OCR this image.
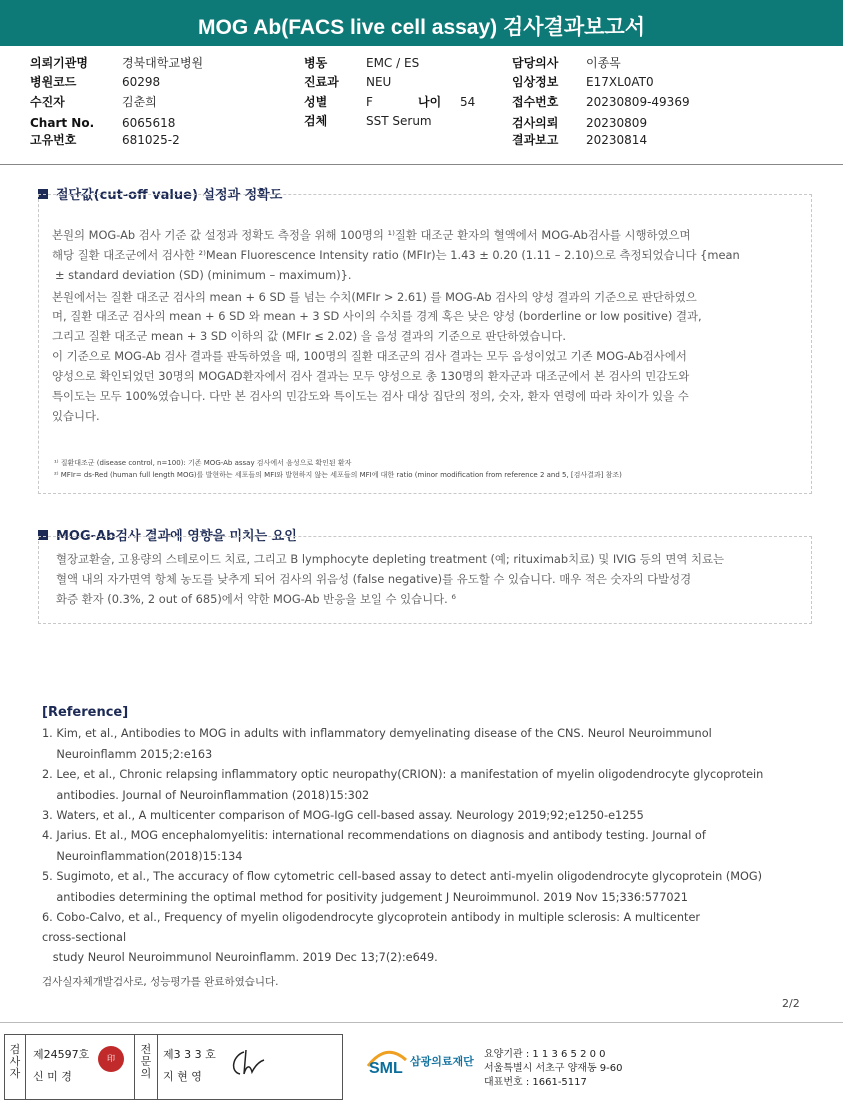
MOG Ab(FACS live cell assay) 검사결과보고서
의뢰기관명	경북대학교병원
병원코드	60298
수진자	김춘희
Chart No. 6065618
고유번호	681025-2
병동	EMC / ES
진료과 NEU
성별	F	나이 54
검체	SST Serum
담당의사 이종목
임상정보 E17XL0AT0
접수번호 20230809-49369
검사의뢰 20230809
결과보고 20230814
절단값(cut-off value) 설정과 정확도
본원의 MOG-Ab 검사 기준 값 설정과 정확도 측정을 위해 100명의 ¹⁾질환 대조군 환자의 혈액에서 MOG-Ab검사를 시행하였으며
해당 질환 대조군에서 검사한 ²⁾Mean Fluorescence Intensity ratio (MFIr)는 1.43 ± 0.20 (1.11 – 2.10)으로 측정되었습니다 {mean
± standard deviation (SD) (minimum – maximum)}.
본원에서는 질환 대조군 검사의 mean + 6 SD 를 넘는 수치(MFIr > 2.61) 를 MOG-Ab 검사의 양성 결과의 기준으로 판단하였으
며, 질환 대조군 검사의 mean + 6 SD 와 mean + 3 SD 사이의 수치를 경계 혹은 낮은 양성 (borderline or low positive) 결과,
그리고 질환 대조군 mean + 3 SD 이하의 값 (MFIr ≤ 2.02) 을 음성 결과의 기준으로 판단하였습니다.
이 기준으로 MOG-Ab 검사 결과를 판독하였을 때, 100명의 질환 대조군의 검사 결과는 모두 음성이었고 기존 MOG-Ab검사에서
양성으로 확인되었던 30명의 MOGAD환자에서 검사 결과는 모두 양성으로 총 130명의 환자군과 대조군에서 본 검사의 민감도와
특이도는 모두 100%였습니다. 다만 본 검사의 민감도와 특이도는 검사 대상 집단의 정의, 숫자, 환자 연령에 따라 차이가 있을 수
있습니다.
¹⁾ 질환대조군 (disease control, n=100): 기존 MOG-Ab assay 검사에서 음성으로 확인된 환자
²⁾ MFIr= ds-Red (human full length MOG)를 발현하는 세포들의 MFI와 발현하지 않는 세포들의 MFI에 대한 ratio (minor modification from reference 2 and 5, [검사결과] 참조)
MOG-Ab검사 결과에 영향을 미치는 요인
혈장교환술, 고용량의 스테로이드 치료, 그리고 B lymphocyte depleting treatment (예; rituximab치료) 및 IVIG 등의 면역 치료는
혈액 내의 자가면역 항체 농도를 낮추게 되어 검사의 위음성 (false negative)를 유도할 수 있습니다. 매우 적은 숫자의 다발성경
화증 환자 (0.3%, 2 out of 685)에서 약한 MOG-Ab 반응을 보일 수 있습니다. ⁶
[Reference]
1. Kim, et al., Antibodies to MOG in adults with inflammatory demyelinating disease of the CNS. Neurol Neuroimmunol
Neuroinflamm 2015;2:e163
2. Lee, et al., Chronic relapsing inflammatory optic neuropathy(CRION): a manifestation of myelin oligodendrocyte glycoprotein
antibodies. Journal of Neuroinflammation (2018)15:302
3. Waters, et al., A multicenter comparison of MOG-IgG cell-based assay. Neurology 2019;92;e1250-e1255
4. Jarius. Et al., MOG encephalomyelitis: international recommendations on diagnosis and antibody testing. Journal of
Neuroinflammation(2018)15:134
5. Sugimoto, et al., The accuracy of flow cytometric cell-based assay to detect anti-myelin oligodendrocyte glycoprotein (MOG)
antibodies determining the optimal method for positivity judgement J Neuroimmunol. 2019 Nov 15;336:577021
6. Cobo-Calvo, et al., Frequency of myelin oligodendrocyte glycoprotein antibody in multiple sclerosis: A multicenter
cross-sectional
study Neurol Neuroimmunol Neuroinflamm. 2019 Dec 13;7(2):e649.
검사실자체개발검사로, 성능평가를 완료하였습니다.
2/2
검사자
제24597호
신 미 경
印
전문의
제3 3 3 호
지 현 영	SML 삼광의료재단
요양기관 : 1 1 3 6 5 2 0 0
서울특별시 서초구 양재동 9-60
대표번호 : 1661-5117
